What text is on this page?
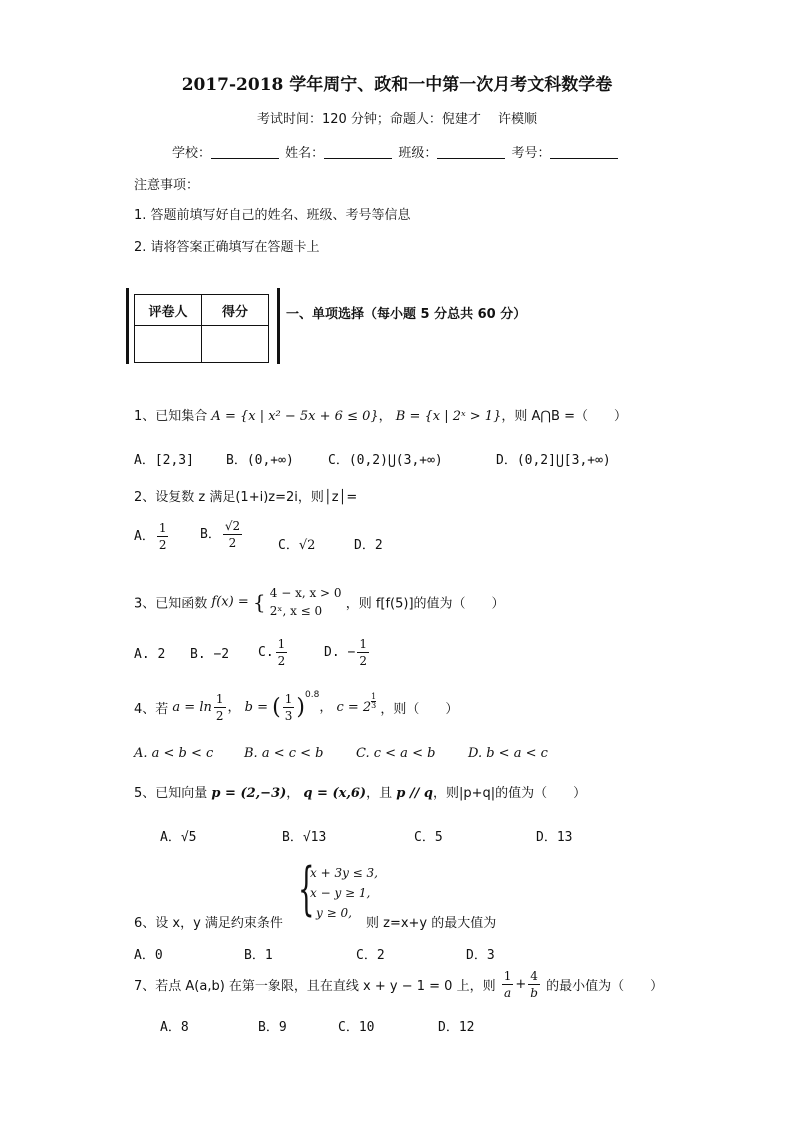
2017-2018 学年周宁、政和一中第一次月考文科数学卷
考试时间：120 分钟；命题人：倪建才　 许模顺
学校：	姓名：	班级：	考号：
注意事项：
1. 答题前填写好自己的姓名、班级、考号等信息
2. 请将答案正确填写在答题卡上
评卷人	得分
		一、单项选择（每小题 5 分总共 60 分）
1、已知集合 A = {x | x² − 5x + 6 ≤ 0}， B = {x | 2ˣ > 1}，则 A⋂B =（　　）
A．[2,3] B．(0,+∞)	C．(0,2)⋃(3,+∞)	D．(0,2]⋃[3,+∞)
2、设复数 z 满足(1+i)z=2i，则│z│=
A． $\frac{1}{2}$ B． $\frac{√2}{2}$	C．√2	D．2
3、已知函数 f(x) = { 4 − x, x > 0
2ˣ, x ≤ 0	，则 f[f(5)]的值为（　　）
A. 2 B. −2 C. $\frac{1}{2}$	D. − $\frac{1}{2}$
4、若 $a = \ln \frac{1}{2}$ ， b = ( $\frac{1}{3} )^{0.8}$， $c = 2 \frac{1}{3}$ ，则（　　）
A. a < b < c B. a < c < b	C. c < a < b	D. b < a < c
5、已知向量 p = (2,−3)， q = (x,6)，且 p // q，则|p+q|的值为（　　）
A．√5	B．√13	C．5	D．13
{
x + 3y ≤ 3,
x − y ≥ 1,
y ≥ 0,
6、设 x，y 满足约束条件	则 z=x+y 的最大值为
A．0	B．1	C．2	D．3
7、若点 A(a,b) 在第一象限，且在直线 x + y − 1 = 0 上，则 $\frac{1}{a} + \frac{4}{b}$ 的最小值为（　　）
A．8	B．9	C．10	D．12
